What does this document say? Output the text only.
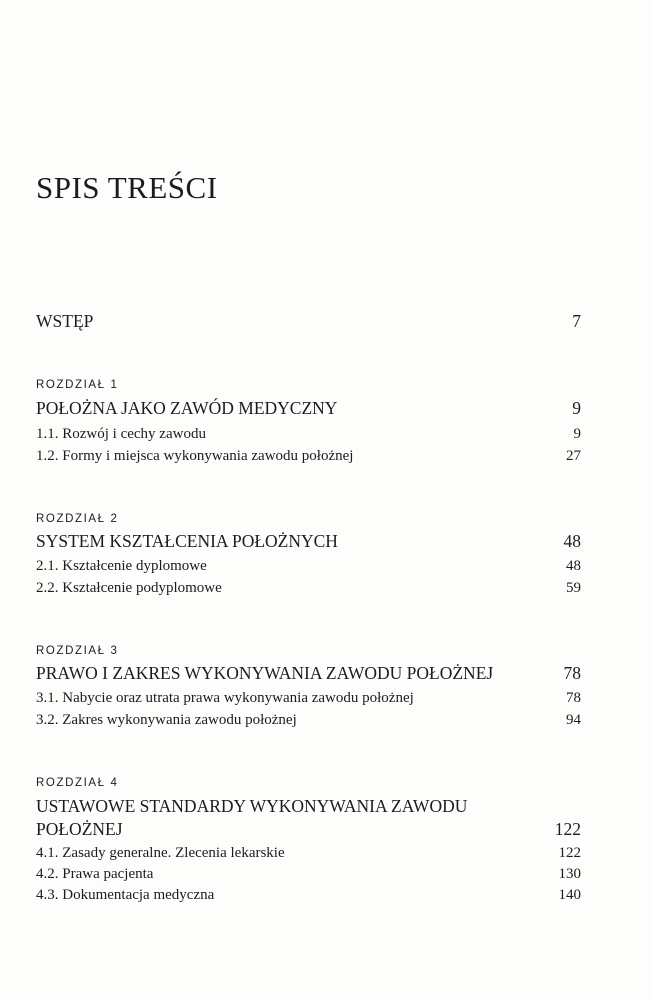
SPIS TREŚCI
WSTĘP	7
ROZDZIAŁ 1
POŁOŻNA JAKO ZAWÓD MEDYCZNY	9
1.1. Rozwój i cechy zawodu	9
1.2. Formy i miejsca wykonywania zawodu położnej	27
ROZDZIAŁ 2
SYSTEM KSZTAŁCENIA POŁOŻNYCH	48
2.1. Kształcenie dyplomowe	48
2.2. Kształcenie podyplomowe	59
ROZDZIAŁ 3
PRAWO I ZAKRES WYKONYWANIA ZAWODU POŁOŻNEJ	78
3.1. Nabycie oraz utrata prawa wykonywania zawodu położnej	78
3.2. Zakres wykonywania zawodu położnej	94
ROZDZIAŁ 4
USTAWOWE STANDARDY WYKONYWANIA ZAWODU
POŁOŻNEJ	122
4.1. Zasady generalne. Zlecenia lekarskie	122
4.2. Prawa pacjenta	130
4.3. Dokumentacja medyczna	140
